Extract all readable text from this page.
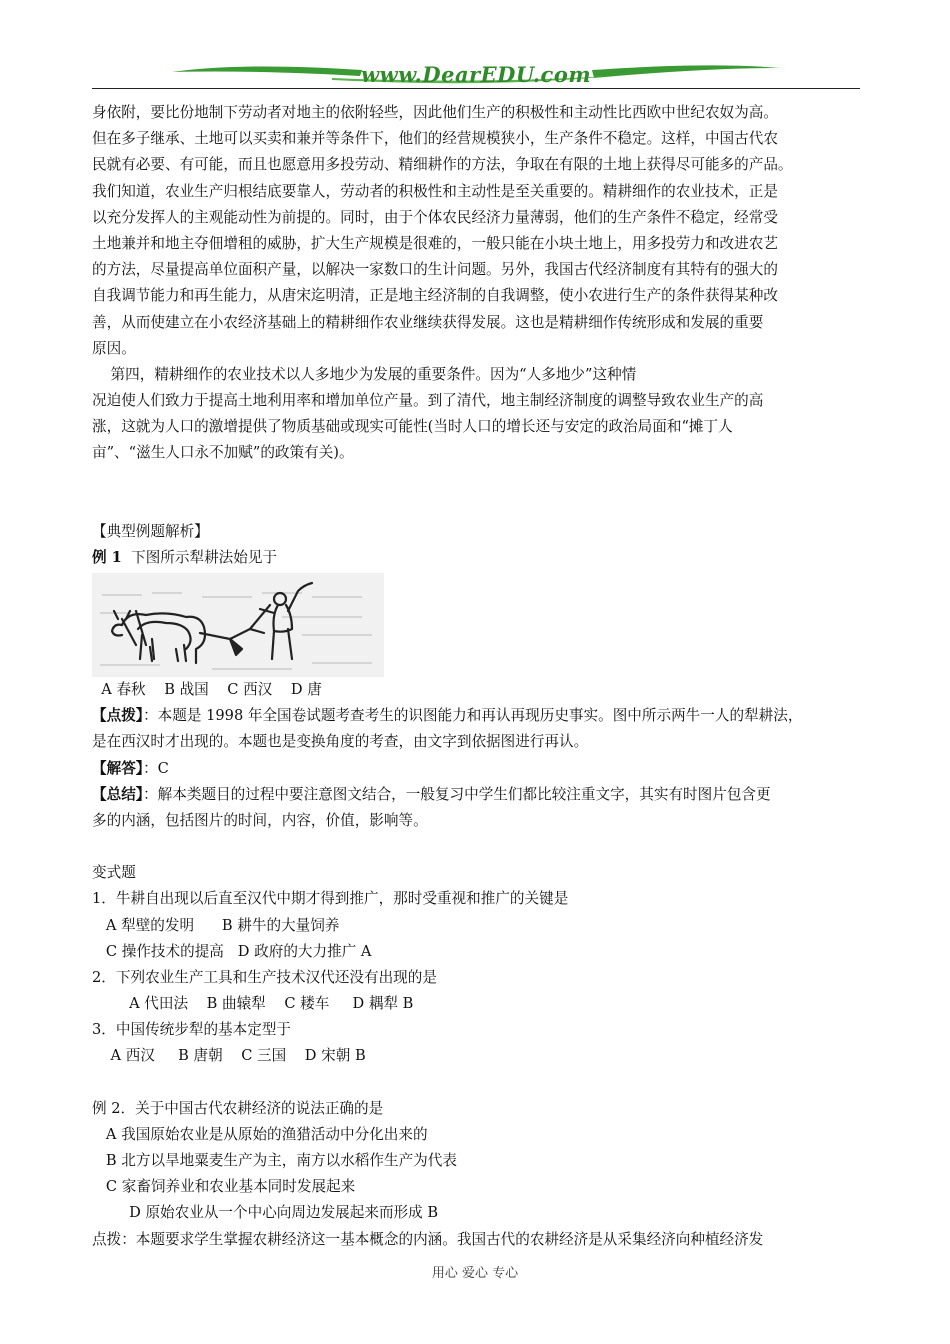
www.DearEDU.com
身依附，要比份地制下劳动者对地主的依附轻些，因此他们生产的积极性和主动性比西欧中世纪农奴为高。
但在多子继承、土地可以买卖和兼并等条件下，他们的经营规模狭小，生产条件不稳定。这样，中国古代农
民就有必要、有可能，而且也愿意用多投劳动、精细耕作的方法，争取在有限的土地上获得尽可能多的产品。
我们知道，农业生产归根结底要靠人，劳动者的积极性和主动性是至关重要的。精耕细作的农业技术，正是
以充分发挥人的主观能动性为前提的。同时，由于个体农民经济力量薄弱，他们的生产条件不稳定，经常受
土地兼并和地主夺佃增租的威胁，扩大生产规模是很难的，一般只能在小块土地上，用多投劳力和改进农艺
的方法，尽量提高单位面积产量，以解决一家数口的生计问题。另外，我国古代经济制度有其特有的强大的
自我调节能力和再生能力，从唐宋迄明清，正是地主经济制的自我调整，使小农进行生产的条件获得某种改
善，从而使建立在小农经济基础上的精耕细作农业继续获得发展。这也是精耕细作传统形成和发展的重要
原因。
第四，精耕细作的农业技术以人多地少为发展的重要条件。因为“人多地少”这种情
况迫使人们致力于提高土地利用率和增加单位产量。到了清代，地主制经济制度的调整导致农业生产的高
涨，这就为人口的激增提供了物质基础或现实可能性(当时人口的增长还与安定的政治局面和“摊丁人
亩”、“滋生人口永不加赋”的政策有关)。
【典型例题解析】
例 1  下图所示犁耕法始见于
A 春秋    B 战国    C 西汉    D 唐
【点拨】：本题是 1998 年全国卷试题考查考生的识图能力和再认再现历史事实。图中所示两牛一人的犁耕法，
是在西汉时才出现的。本题也是变换角度的考查，由文字到依据图进行再认。
【解答】：C
【总结】：解本类题目的过程中要注意图文结合，一般复习中学生们都比较注重文字，其实有时图片包含更
多的内涵，包括图片的时间，内容，价值，影响等。
变式题
1．牛耕自出现以后直至汉代中期才得到推广，那时受重视和推广的关键是
A 犁壁的发明      B 耕牛的大量饲养
C 操作技术的提高   D 政府的大力推广 A
2．下列农业生产工具和生产技术汉代还没有出现的是
A 代田法    B 曲辕犁    C 耧车     D 耦犁 B
3．中国传统步犁的基本定型于
A 西汉     B 唐朝    C 三国    D 宋朝 B
例 2．关于中国古代农耕经济的说法正确的是
A 我国原始农业是从原始的渔猎活动中分化出来的
B 北方以旱地粟麦生产为主，南方以水稻作生产为代表
C 家畜饲养业和农业基本同时发展起来
D 原始农业从一个中心向周边发展起来而形成 B
点拨：本题要求学生掌握农耕经济这一基本概念的内涵。我国古代的农耕经济是从采集经济向种植经济发
用心 爱心 专心
